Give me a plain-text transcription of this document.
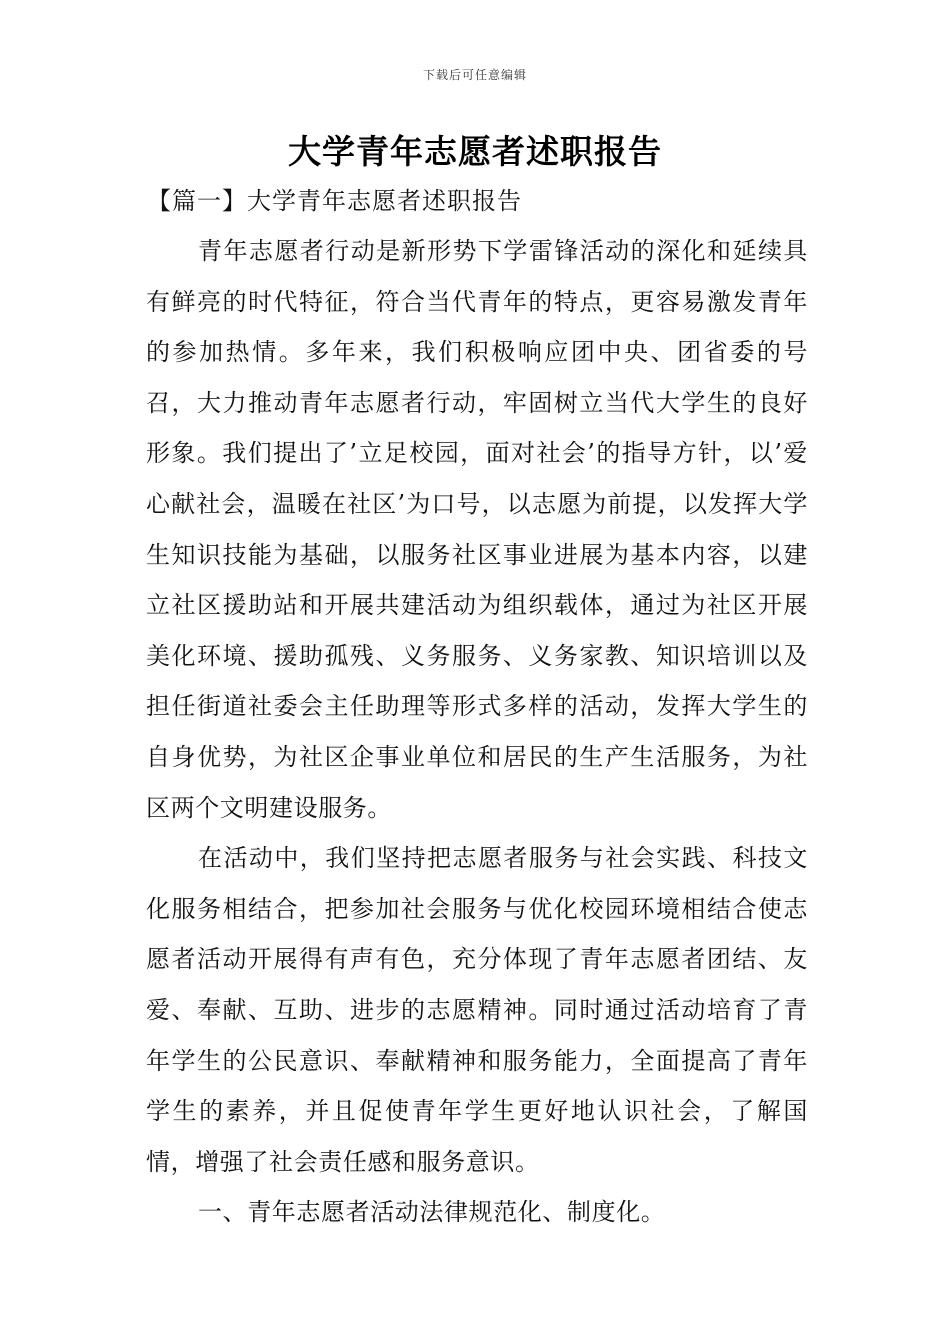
下载后可任意编辑
大学青年志愿者述职报告
【篇一】大学青年志愿者述职报告

青年志愿者行动是新形势下学雷锋活动的深化和延续具有鲜亮的时代特征，符合当代青年的特点，更容易激发青年的参加热情。多年来，我们积极响应团中央、团省委的号召，大力推动青年志愿者行动，牢固树立当代大学生的良好形象。我们提出了’立足校园，面对社会’的指导方针，以’爱心献社会，温暖在社区’为口号，以志愿为前提，以发挥大学生知识技能为基础，以服务社区事业进展为基本内容，以建立社区援助站和开展共建活动为组织载体，通过为社区开展美化环境、援助孤残、义务服务、义务家教、知识培训以及担任街道社委会主任助理等形式多样的活动，发挥大学生的自身优势，为社区企事业单位和居民的生产生活服务，为社区两个文明建设服务。

在活动中，我们坚持把志愿者服务与社会实践、科技文化服务相结合，把参加社会服务与优化校园环境相结合使志愿者活动开展得有声有色，充分体现了青年志愿者团结、友爱、奉献、互助、进步的志愿精神。同时通过活动培育了青年学生的公民意识、奉献精神和服务能力，全面提高了青年学生的素养，并且促使青年学生更好地认识社会，了解国情，增强了社会责任感和服务意识。

一、青年志愿者活动法律规范化、制度化。
